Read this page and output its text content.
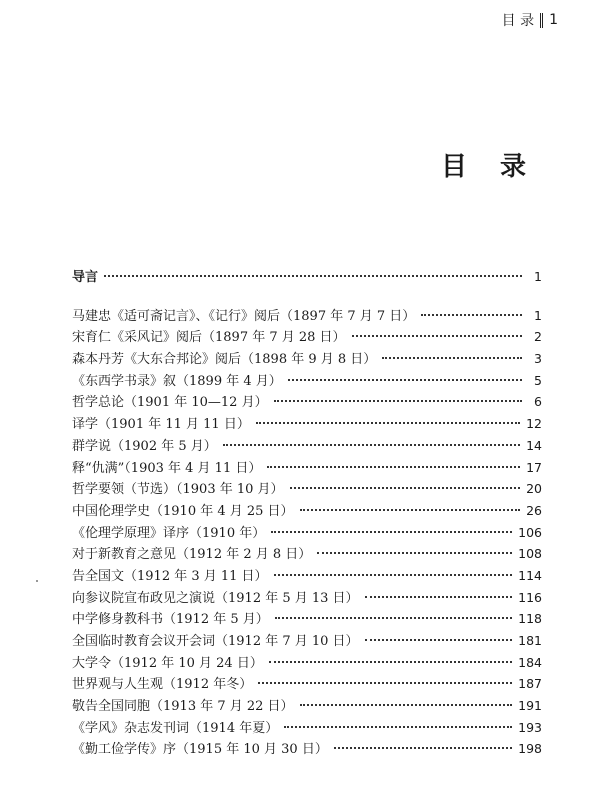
目 录 1
目 录
导言	1
马建忠《适可斋记言》、《记行》阅后（1897 年 7 月 7 日）	1
宋育仁《采风记》阅后（1897 年 7 月 28 日）	2
森本丹芳《大东合邦论》阅后（1898 年 9 月 8 日）	3
《东西学书录》叙（1899 年 4 月）	5
哲学总论（1901 年 10—12 月）	6
译学（1901 年 11 月 11 日）	12
群学说（1902 年 5 月）	14
释“仇满”（1903 年 4 月 11 日）	17
哲学要领（节选）（1903 年 10 月）	20
中国伦理学史（1910 年 4 月 25 日）	26
《伦理学原理》译序（1910 年）	106
对于新教育之意见（1912 年 2 月 8 日）	108
告全国文（1912 年 3 月 11 日）	114
向参议院宣布政见之演说（1912 年 5 月 13 日）	116
中学修身教科书（1912 年 5 月）	118
全国临时教育会议开会词（1912 年 7 月 10 日）	181
大学令（1912 年 10 月 24 日）	184
世界观与人生观（1912 年冬）	187
敬告全国同胞（1913 年 7 月 22 日）	191
《学风》杂志发刊词（1914 年夏）	193
《勤工俭学传》序（1915 年 10 月 30 日）	198
